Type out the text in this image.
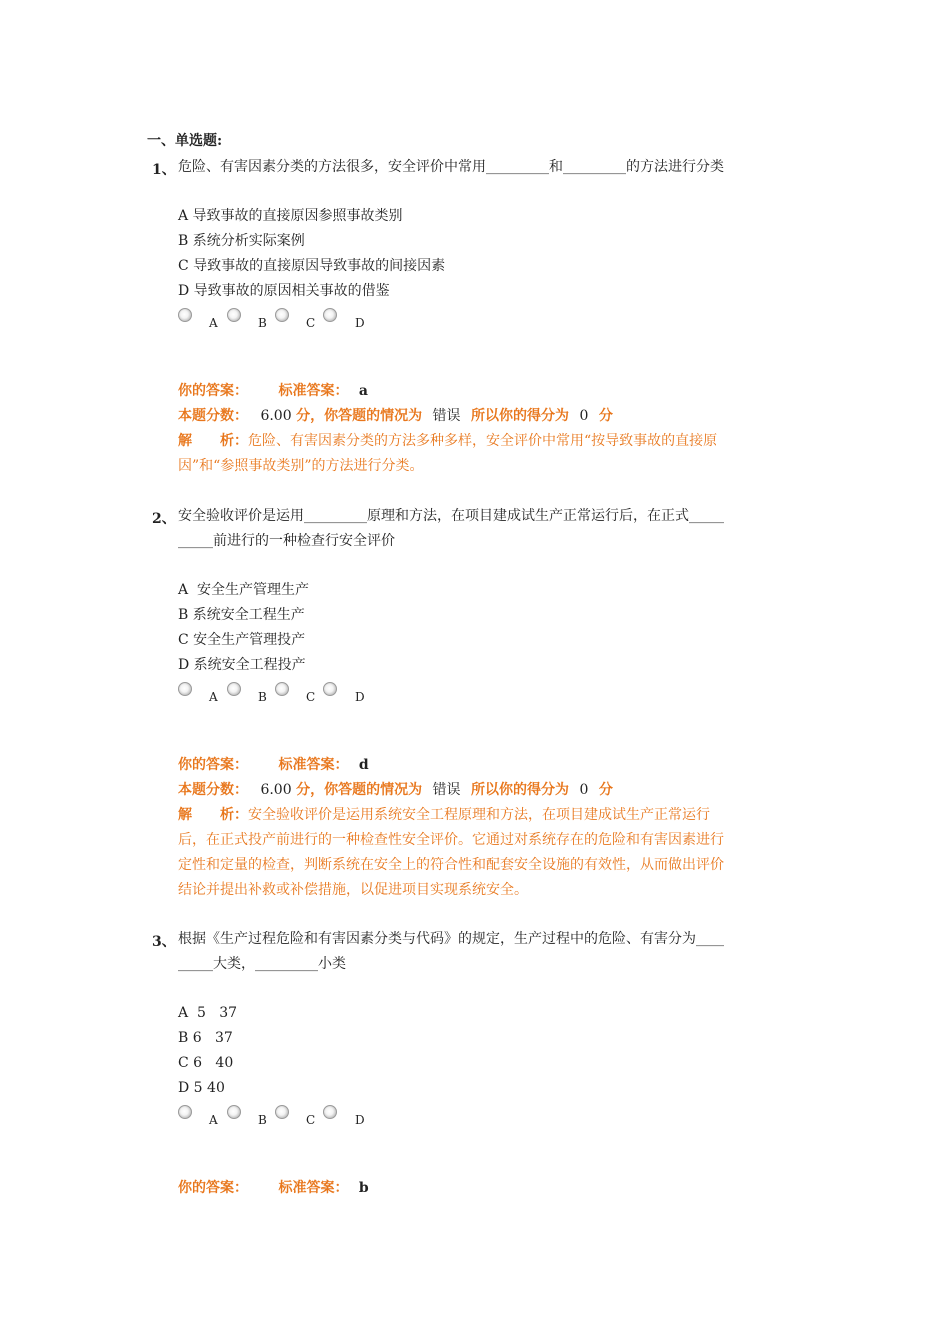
一、单选题:
1、 危险、有害因素分类的方法很多，安全评价中常用_________和_________的方法进行分类
A 导致事故的直接原因参照事故类别
B 系统分析实际案例
C 导致事故的直接原因导致事故的间接因素
D 导致事故的原因相关事故的借鉴
A	B	C	D
你的答案： 标准答案： a
本题分数： 6.00 分，你答题的情况为 错误 所以你的得分为 0 分
解　　析：危险、有害因素分类的方法多种多样，安全评价中常用“按导致事故的直接原
因”和“参照事故类别”的方法进行分类。
2、 安全验收评价是运用_________原理和方法，在项目建成试生产正常运行后，在正式_____
_____前进行的一种检查行安全评价
A  安全生产管理生产
B 系统安全工程生产
C 安全生产管理投产
D 系统安全工程投产
A	B	C	D
你的答案： 标准答案： d
本题分数： 6.00 分，你答题的情况为 错误 所以你的得分为 0 分
解　　析：安全验收评价是运用系统安全工程原理和方法，在项目建成试生产正常运行
后，在正式投产前进行的一种检查性安全评价。它通过对系统存在的危险和有害因素进行
定性和定量的检查，判断系统在安全上的符合性和配套安全设施的有效性，从而做出评价
结论并提出补救或补偿措施，以促进项目实现系统安全。
3、 根据《生产过程危险和有害因素分类与代码》的规定，生产过程中的危险、有害分为____
_____大类，_________小类
A  5   37
B 6   37
C 6   40
D 5 40
A	B	C	D
你的答案： 标准答案： b
